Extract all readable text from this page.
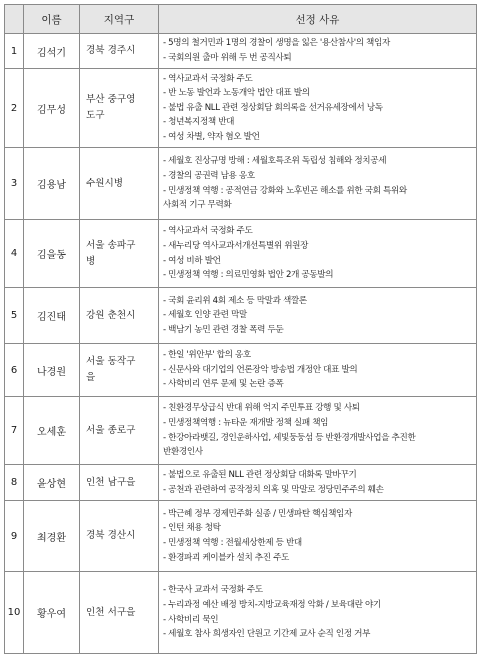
	이름	지역구	선정 사유
1	김석기	경북 경주시	- 5명의 철거민과 1명의 경찰이 생명을 잃은 '용산참사'의 책임자
- 국회의원 출마 위해 두 번 공직사퇴

2	김무성	부산 중구영도구	- 역사교과서 국정화 주도
- 반 노동 발언과 노동개악 법안 대표 발의
- 불법 유출 NLL 관련 정상회담 회의록을 선거유세장에서 낭독
- 청년복지정책 반대
- 여성 차별, 약자 혐오 발언

3	김용남	수원시병	- 세월호 진상규명 방해 : 세월호특조위 독립성 침해와 정치공세
- 경찰의 공권력 남용 옹호
- 민생정책 역행 : 공적연금 강화와 노후빈곤 해소를 위한 국회 특위와
사회적 기구 무력화

4	김을동	서울 송파구병	- 역사교과서 국정화 주도
- 새누리당 역사교과서개선특별위 위원장
- 여성 비하 발언
- 민생정책 역행 : 의료민영화 법안 2개 공동발의

5	김진태	강원 춘천시	- 국회 윤리위 4회 제소 등 막말과 색깔론
- 세월호 인양 관련 막말
- 백남기 농민 관련 경찰 폭력 두둔

6	나경원	서울 동작구을	- 한일 '위안부' 합의 옹호
- 신문사와 대기업의 언론장악 방송법 개정안 대표 발의
- 사학비리 연루 문제 및 논란 증폭

7	오세훈	서울 종로구	- 친환경무상급식 반대 위해 억지 주민투표 강행 및 사퇴
- 민생정책역행 : 뉴타운 재개발 정책 실패 책임
- 한강아라뱃길, 경인운하사업, 세빛둥둥섬 등 반환경개발사업을 추진한
반환경인사

8	윤상현	인천 남구을	- 불법으로 유출된 NLL 관련 정상회담 대화록 말바꾸기
- 공천과 관련하여 공작정치 의혹 및 막말로 정당민주주의 훼손

9	최경환	경북 경산시	- 박근혜 정부 경제민주화 실종 / 민생파탄 핵심책임자
- 인턴 채용 청탁
- 민생정책 역행 : 전월세상한제 등 반대
- 환경파괴 케이블카 설치 추진 주도

10	황우여	인천 서구을	- 한국사 교과서 국정화 주도
- 누리과정 예산 배정 방치-지방교육재정 악화 / 보육대란 야기
- 사학비리 묵인
- 세월호 참사 희생자인 단원고 기간제 교사 순직 인정 거부
